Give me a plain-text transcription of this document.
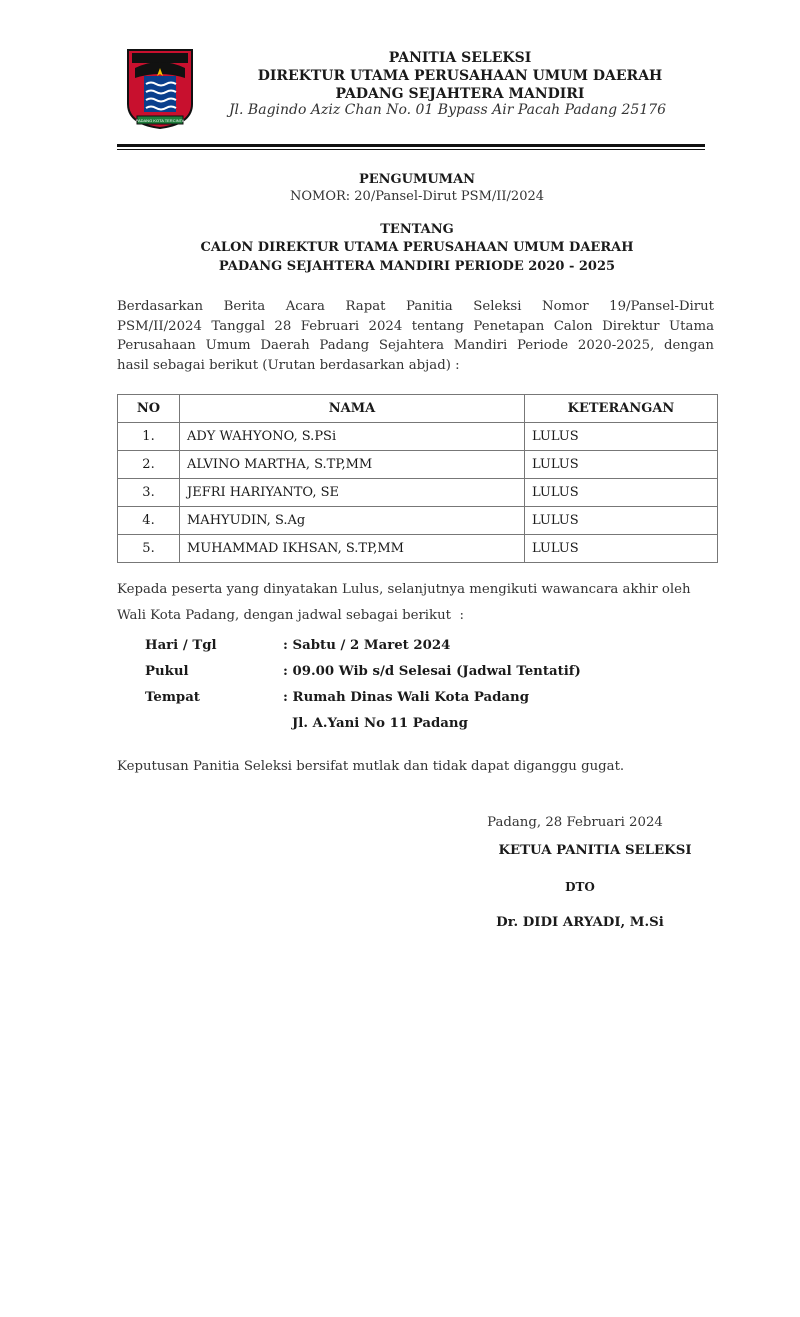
PADANG KOTA TERCINTA
PANITIA SELEKSI
DIREKTUR UTAMA PERUSAHAAN UMUM DAERAH
PADANG SEJAHTERA MANDIRI
Jl. Bagindo Aziz Chan No. 01 Bypass Air Pacah Padang 25176
PENGUMUMAN
NOMOR: 20/Pansel-Dirut PSM/II/2024
TENTANG
CALON DIREKTUR UTAMA PERUSAHAAN UMUM DAERAH
PADANG SEJAHTERA MANDIRI PERIODE 2020 - 2025
Berdasarkan Berita Acara Rapat Panitia Seleksi Nomor 19/Pansel-Dirut
PSM/II/2024 Tanggal 28 Februari 2024 tentang Penetapan Calon Direktur Utama
Perusahaan Umum Daerah Padang Sejahtera Mandiri Periode 2020-2025, dengan
hasil sebagai berikut (Urutan berdasarkan abjad) :
NO	NAMA	KETERANGAN
1.	ADY WAHYONO, S.PSi	LULUS
2.	ALVINO MARTHA, S.TP,MM	LULUS
3.	JEFRI HARIYANTO, SE	LULUS
4.	MAHYUDIN, S.Ag	LULUS
5.	MUHAMMAD IKHSAN, S.TP,MM	LULUS
Kepada peserta yang dinyatakan Lulus, selanjutnya mengikuti wawancara akhir oleh
Wali Kota Padang, dengan jadwal sebagai berikut  :
Hari / Tgl	: Sabtu / 2 Maret 2024
Pukul	: 09.00 Wib s/d Selesai (Jadwal Tentatif)
Tempat	: Rumah Dinas Wali Kota Padang
Jl. A.Yani No 11 Padang
Keputusan Panitia Seleksi bersifat mutlak dan tidak dapat diganggu gugat.
Padang, 28 Februari 2024
KETUA PANITIA SELEKSI
DTO
Dr. DIDI ARYADI, M.Si
